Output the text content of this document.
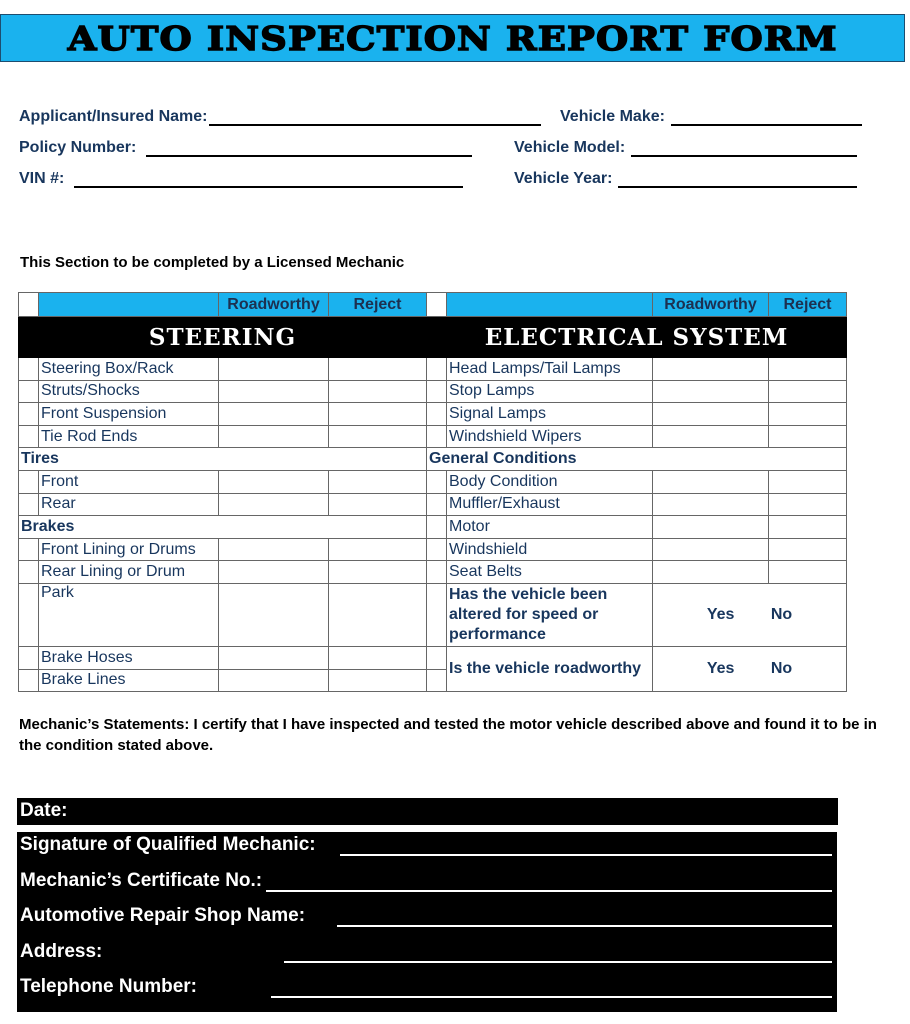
AUTO INSPECTION REPORT FORM
Applicant/Insured Name:
Policy Number:
VIN #:
Vehicle Make:
Vehicle Model:
Vehicle Year:
This Section to be completed by a Licensed Mechanic
		Roadworthy	Reject			Roadworthy	Reject

STEERING				ELECTRICAL SYSTEM			

	Steering Box/Rack				Head Lamps/Tail Lamps		
	Struts/Shocks				Stop Lamps		
	Front Suspension				Signal Lamps		
	Tie Rod Ends				Windshield Wipers		
Tires				General Conditions			
	Front				Body Condition		
	Rear				Muffler/Exhaust		
Brakes					Motor		
	Front Lining or Drums				Windshield		
	Rear Lining or Drum				Seat Belts		
	Park				Has the vehicle been altered for speed or performance	Yes No	
	Brake Hoses				Is the vehicle roadworthy	Yes No	
	Brake Lines						
Mechanic’s Statements: I certify that I have inspected and tested the motor vehicle described above and found it to be in the condition stated above.
Date:
Signature of Qualified Mechanic:
Mechanic’s Certificate No.:
Automotive Repair Shop Name:
Address:
Telephone Number:
